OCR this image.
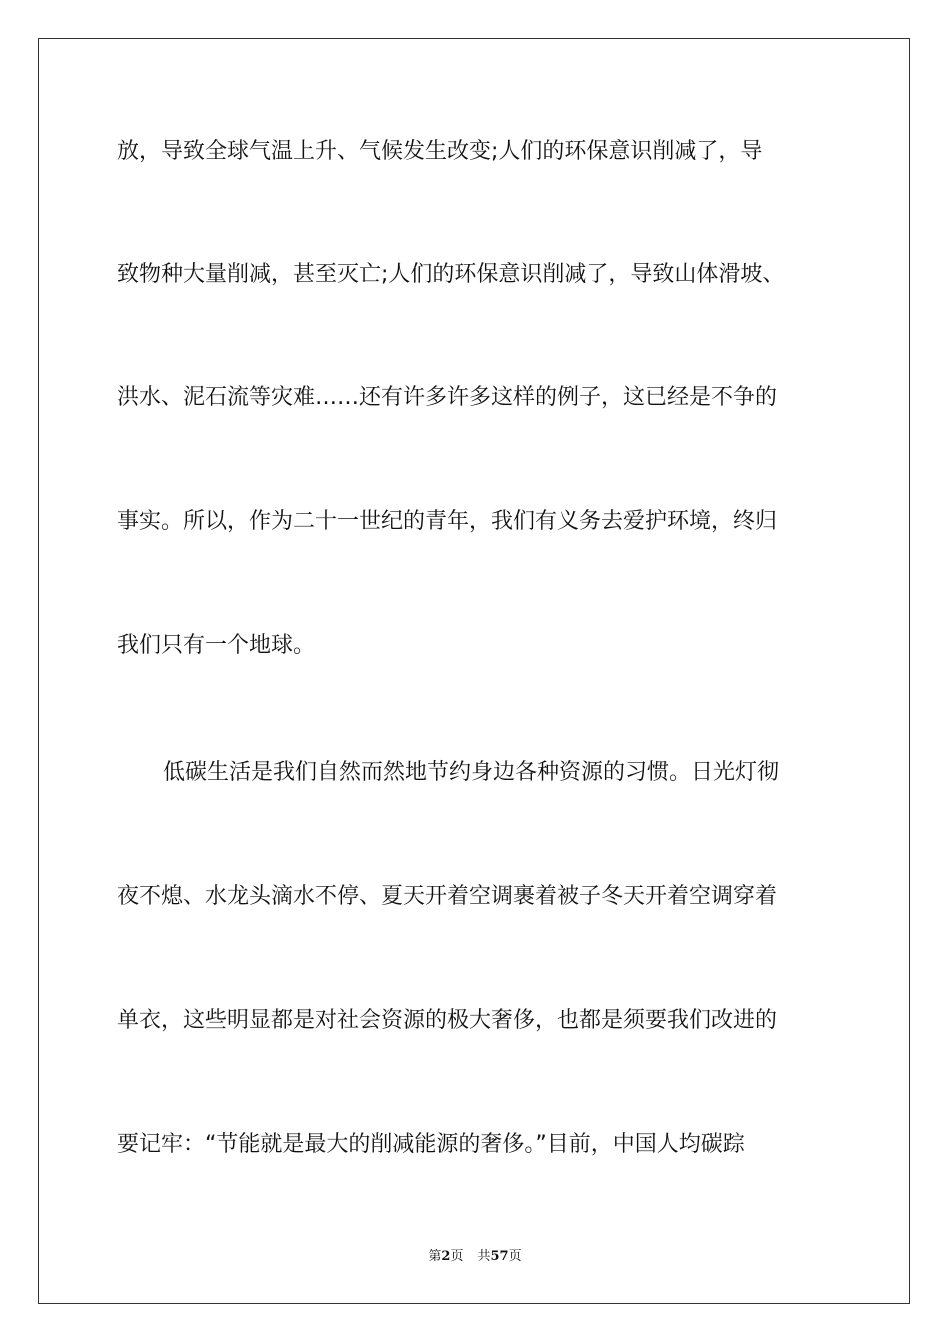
放，导致全球气温上升、气候发生改变;人们的环保意识削减了，导

致物种大量削减，甚至灭亡;人们的环保意识削减了，导致山体滑坡、

洪水、泥石流等灾难……还有许多许多这样的例子，这已经是不争的

事实。所以，作为二十一世纪的青年，我们有义务去爱护环境，终归

我们只有一个地球。

低碳生活是我们自然而然地节约身边各种资源的习惯。日光灯彻

夜不熄、水龙头滴水不停、夏天开着空调裹着被子冬天开着空调穿着

单衣，这些明显都是对社会资源的极大奢侈，也都是须要我们改进的

要记牢：“节能就是最大的削减能源的奢侈。”目前，中国人均碳踪

第2页 共57页
